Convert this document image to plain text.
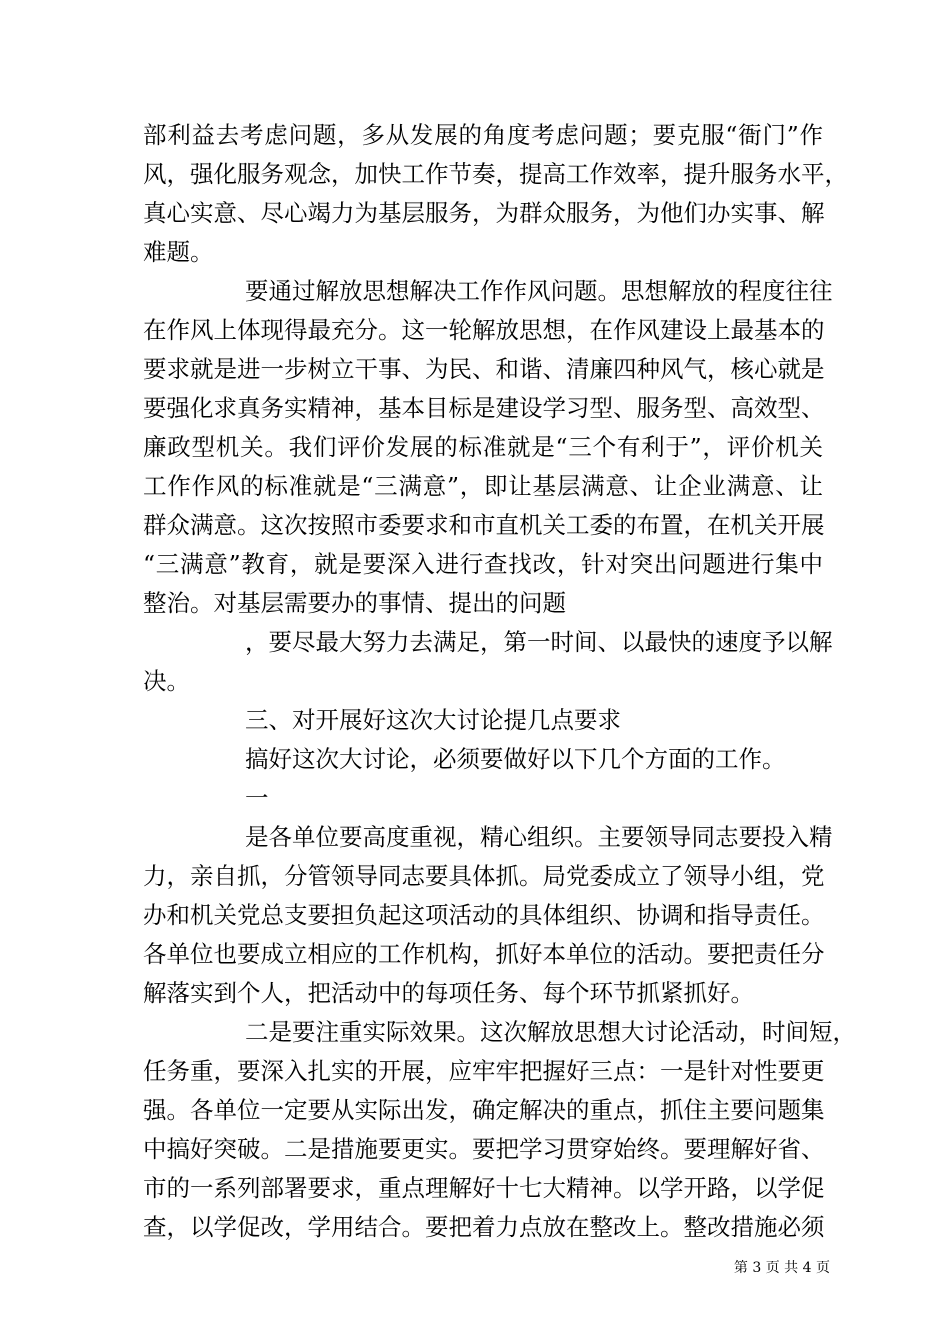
部利益去考虑问题，多从发展的角度考虑问题；要克服“衙门”作
风，强化服务观念，加快工作节奏，提高工作效率，提升服务水平，
真心实意、尽心竭力为基层服务，为群众服务，为他们办实事、解
难题。
要通过解放思想解决工作作风问题。思想解放的程度往往
在作风上体现得最充分。这一轮解放思想，在作风建设上最基本的
要求就是进一步树立干事、为民、和谐、清廉四种风气，核心就是
要强化求真务实精神，基本目标是建设学习型、服务型、高效型、
廉政型机关。我们评价发展的标准就是“三个有利于”，评价机关
工作作风的标准就是“三满意”，即让基层满意、让企业满意、让
群众满意。这次按照市委要求和市直机关工委的布置，在机关开展
“三满意”教育，就是要深入进行查找改，针对突出问题进行集中
整治。对基层需要办的事情、提出的问题
，要尽最大努力去满足，第一时间、以最快的速度予以解
决。
三、对开展好这次大讨论提几点要求
搞好这次大讨论，必须要做好以下几个方面的工作。
一
是各单位要高度重视，精心组织。主要领导同志要投入精
力，亲自抓，分管领导同志要具体抓。局党委成立了领导小组，党
办和机关党总支要担负起这项活动的具体组织、协调和指导责任。
各单位也要成立相应的工作机构，抓好本单位的活动。要把责任分
解落实到个人，把活动中的每项任务、每个环节抓紧抓好。
二是要注重实际效果。这次解放思想大讨论活动，时间短，
任务重，要深入扎实的开展，应牢牢把握好三点：一是针对性要更
强。各单位一定要从实际出发，确定解决的重点，抓住主要问题集
中搞好突破。二是措施要更实。要把学习贯穿始终。要理解好省、
市的一系列部署要求，重点理解好十七大精神。以学开路，以学促
查，以学促改，学用结合。要把着力点放在整改上。整改措施必须
第 3 页 共 4 页
